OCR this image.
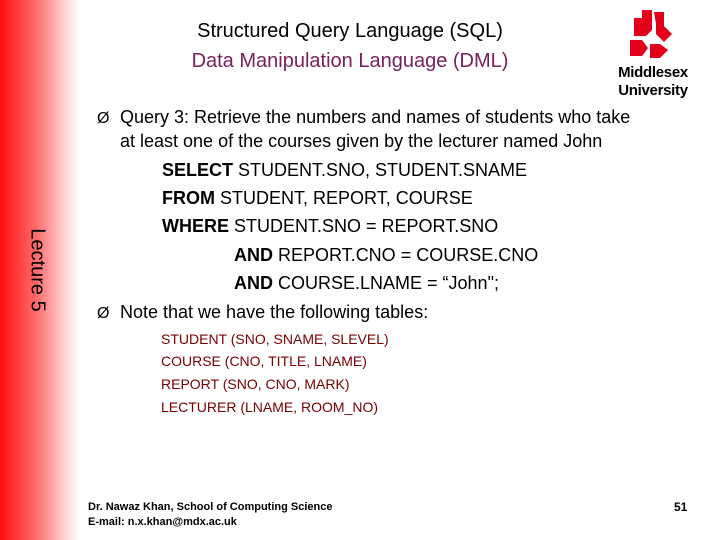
Lecture 5
Structured Query Language (SQL)
Data Manipulation Language (DML)
Middlesex
University
Ø Query 3: Retrieve the numbers and names of students who take
at least one of the courses given by the lecturer named John
SELECT STUDENT.SNO, STUDENT.SNAME
FROM STUDENT, REPORT, COURSE
WHERE STUDENT.SNO = REPORT.SNO
AND REPORT.CNO = COURSE.CNO
AND COURSE.LNAME = “John";
Ø Note that we have the following tables:
STUDENT (SNO, SNAME, SLEVEL)
COURSE (CNO, TITLE, LNAME)
REPORT (SNO, CNO, MARK)
LECTURER (LNAME, ROOM_NO)
Dr. Nawaz Khan, School of Computing Science
E-mail: n.x.khan@mdx.ac.uk
51
